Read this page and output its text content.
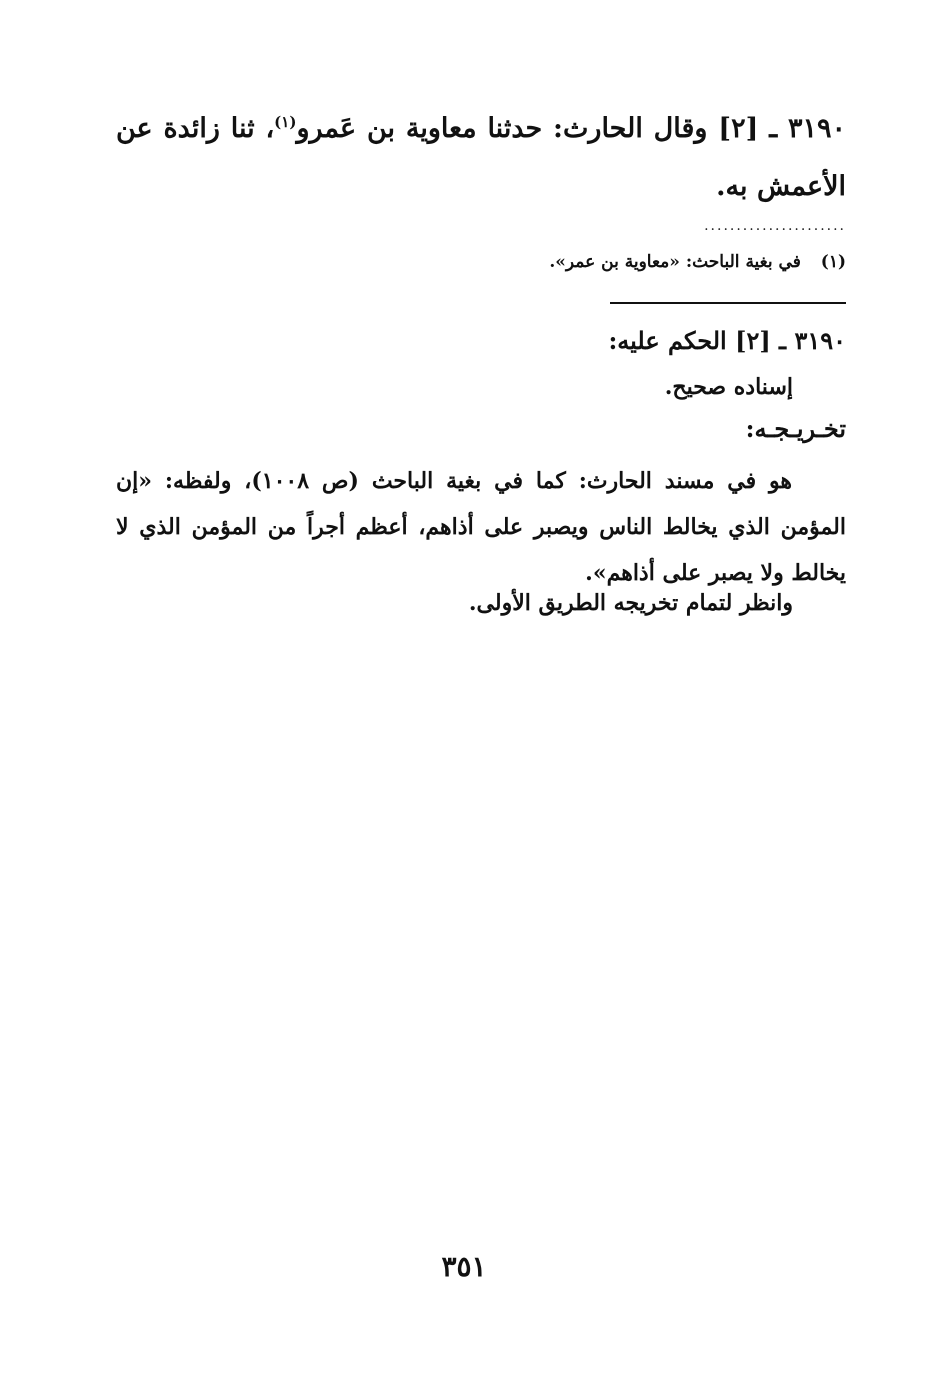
٣١٩٠ ـ [٢] وقال الحارث: حدثنا معاوية بن عَمرو$^{(١)}$، ثنا زائدة عن الأعمش به.
......................
(١) في بغية الباحث: «معاوية بن عمر».
٣١٩٠ ـ [٢] الحكم عليه:
إسناده صحيح.
تخـريـجـه:
هو في مسند الحارث: كما في بغية الباحث (ص ١٠٠٨)، ولفظه: «إن المؤمن الذي يخالط الناس ويصبر على أذاهم، أعظم أجراً من المؤمن الذي لا يخالط ولا يصبر على أذاهم».
وانظر لتمام تخريجه الطريق الأولى.
٣٥١
